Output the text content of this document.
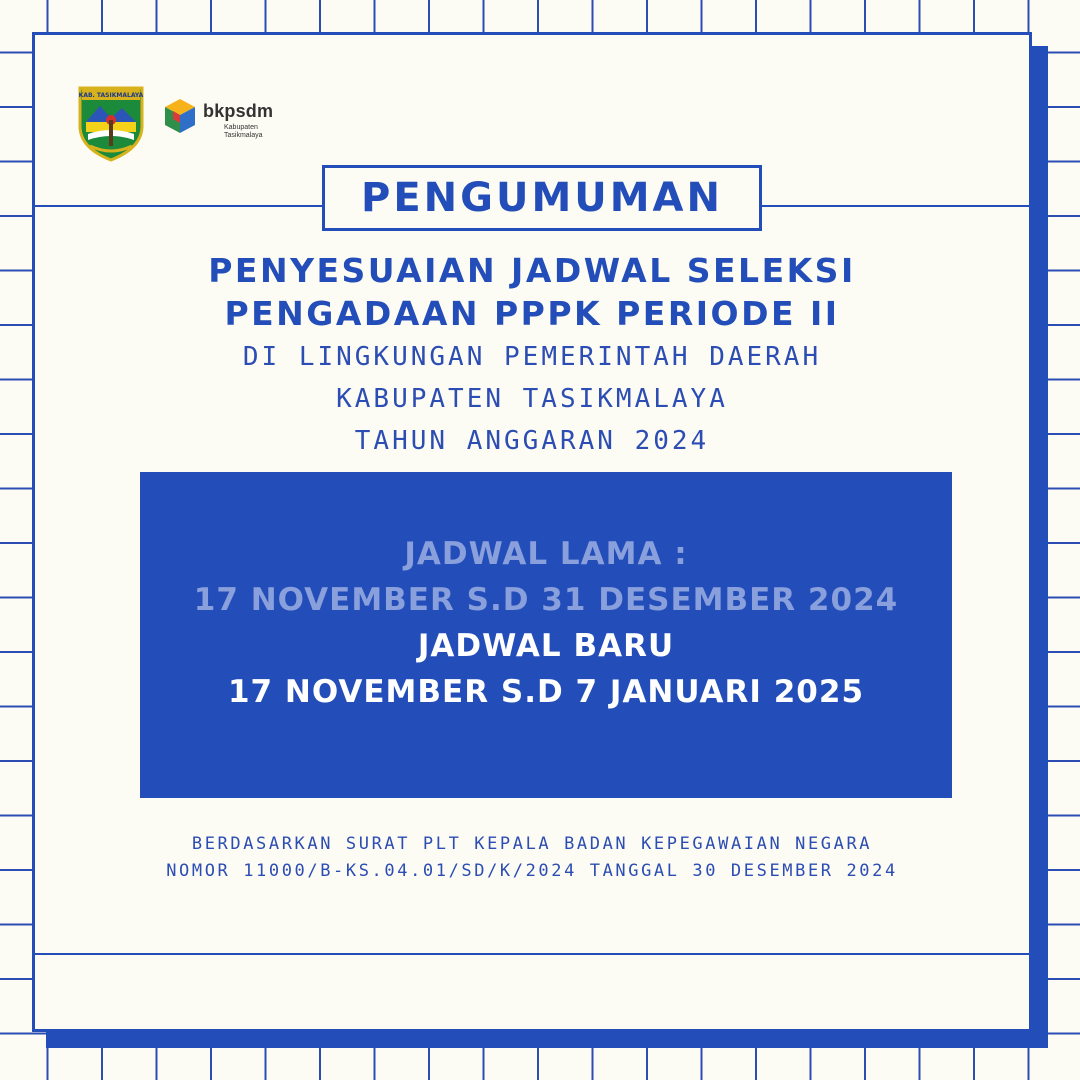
KAB. TASIKMALAYA
bkpsdm
Kabupaten
Tasikmalaya
PENGUMUMAN
PENYESUAIAN JADWAL SELEKSI
PENGADAAN PPPK PERIODE II
DI LINGKUNGAN PEMERINTAH DAERAH
KABUPATEN TASIKMALAYA
TAHUN ANGGARAN 2024
JADWAL LAMA :
17 NOVEMBER S.D 31 DESEMBER 2024
JADWAL BARU
17 NOVEMBER S.D 7 JANUARI 2025
BERDASARKAN SURAT PLT KEPALA BADAN KEPEGAWAIAN NEGARA
NOMOR 11000/B-KS.04.01/SD/K/2024 TANGGAL 30 DESEMBER 2024
